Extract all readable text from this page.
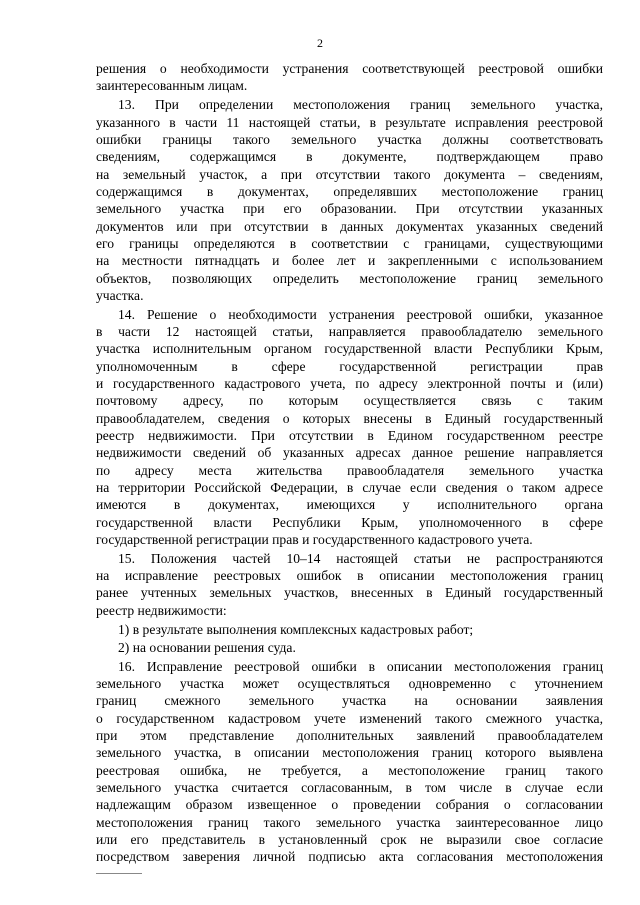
2
решения о необходимости устранения соответствующей реестровой ошибки
заинтересованным лицам.
13. При определении местоположения границ земельного участка,
указанного в части 11 настоящей статьи, в результате исправления реестровой
ошибки границы такого земельного участка должны соответствовать
сведениям, содержащимся в документе, подтверждающем право
на земельный участок, а при отсутствии такого документа – сведениям,
содержащимся в документах, определявших местоположение границ
земельного участка при его образовании. При отсутствии указанных
документов или при отсутствии в данных документах указанных сведений
его границы определяются в соответствии с границами, существующими
на местности пятнадцать и более лет и закрепленными с использованием
объектов, позволяющих определить местоположение границ земельного
участка.
14. Решение о необходимости устранения реестровой ошибки, указанное
в части 12 настоящей статьи, направляется правообладателю земельного
участка исполнительным органом государственной власти Республики Крым,
уполномоченным в сфере государственной регистрации прав
и государственного кадастрового учета, по адресу электронной почты и (или)
почтовому адресу, по которым осуществляется связь с таким
правообладателем, сведения о которых внесены в Единый государственный
реестр недвижимости. При отсутствии в Едином государственном реестре
недвижимости сведений об указанных адресах данное решение направляется
по адресу места жительства правообладателя земельного участка
на территории Российской Федерации, в случае если сведения о таком адресе
имеются в документах, имеющихся у исполнительного органа
государственной власти Республики Крым, уполномоченного в сфере
государственной регистрации прав и государственного кадастрового учета.
15. Положения частей 10–14 настоящей статьи не распространяются
на исправление реестровых ошибок в описании местоположения границ
ранее учтенных земельных участков, внесенных в Единый государственный
реестр недвижимости:
1) в результате выполнения комплексных кадастровых работ;
2) на основании решения суда.
16. Исправление реестровой ошибки в описании местоположения границ
земельного участка может осуществляться одновременно с уточнением
границ смежного земельного участка на основании заявления
о государственном кадастровом учете изменений такого смежного участка,
при этом представление дополнительных заявлений правообладателем
земельного участка, в описании местоположения границ которого выявлена
реестровая ошибка, не требуется, а местоположение границ такого
земельного участка считается согласованным, в том числе в случае если
надлежащим образом извещенное о проведении собрания о согласовании
местоположения границ такого земельного участка заинтересованное лицо
или его представитель в установленный срок не выразили свое согласие
посредством заверения личной подписью акта согласования местоположения
